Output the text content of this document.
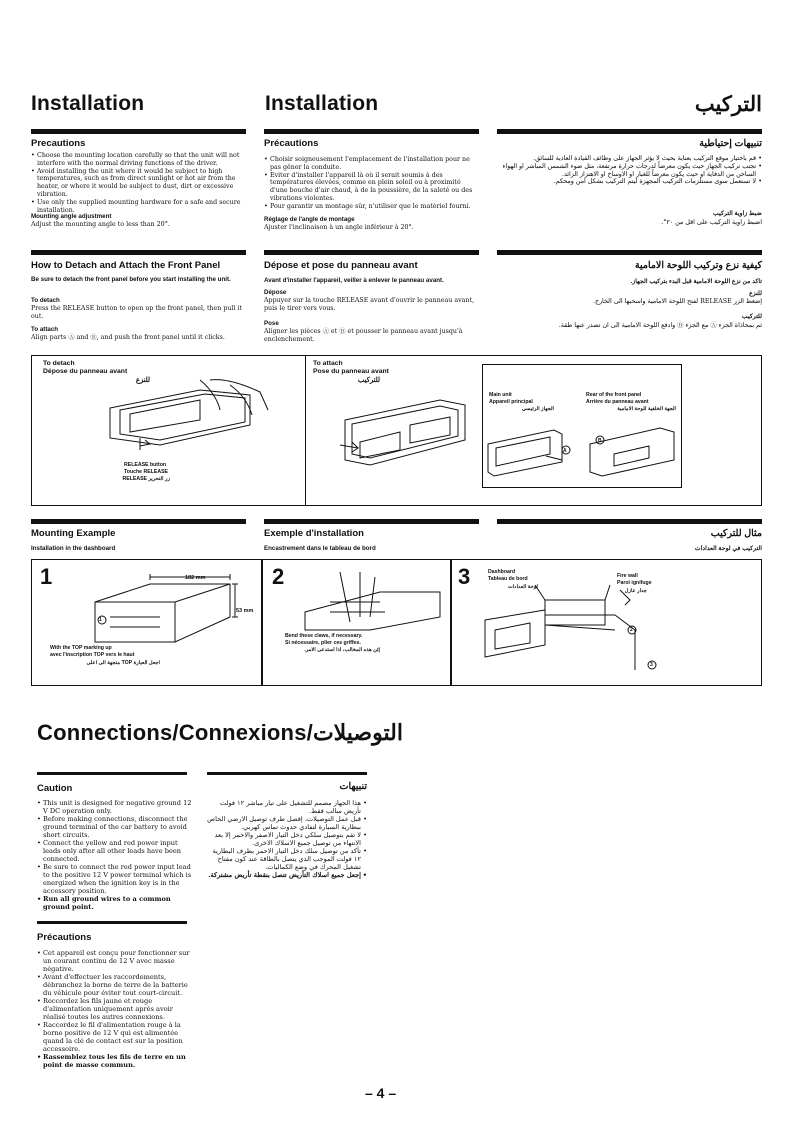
Installation	Installation	التركيب
Precautions	Précautions	تنبيهات إحتياطية
• Choose the mounting location carefully so that the unit will not interfere with the normal driving functions of the driver.
• Avoid installing the unit where it would be subject to high temperatures, such as from direct sunlight or hot air from the heater, or where it would be subject to dust, dirt or excessive vibration.
• Use only the supplied mounting hardware for a safe and secure installation.
• Choisir soigneusement l'emplacement de l'installation pour ne pas gêner la conduite.
• Eviter d'installer l'appareil là où il serait soumis à des températures élevées, comme en plein soleil ou à proximité d'une bouche d'air chaud, à de la poussière, de la saleté ou des vibrations violentes.
• Pour garantir un montage sûr, n'utiliser que le matériel fourni.
• قم باختيار موقع التركيب بعناية بحيث لا يؤثر الجهاز على وظائف القيادة العادية للسائق.
• تجنب تركيب الجهاز حيث يكون معرضاً لدرجات حرارة مرتفعة، مثل ضوء الشمس المباشر او الهواء الساخن من الدفاية او حيث يكون معرضاً للغبار او الاوساخ او الاهتزاز الزائد.
• لا تستعمل سوى مستلزمات التركيب المجهزة ليتم التركيب بشكل امن ومحكم.
Mounting angle adjustment
Adjust the mounting angle to less than 20°.
Réglage de l'angle de montage
Ajuster l'inclinaison à un angle inférieur à 20°.
ضبط زاوية التركيب
اضبط زاوية التركيب على اقل من ٢٠°.
How to Detach and Attach the Front Panel	Dépose et pose du panneau avant	كيفية نزع وتركيب اللوحة الامامية
Be sure to detach the front panel before you start installing the unit.
To detach
Press the RELEASE button to open up the front panel, then pull it out.
To attach
Align parts Ⓐ and Ⓑ, and push the front panel until it clicks.
Avant d'installer l'appareil, veiller à enlever le panneau avant.
Dépose
Appuyer sur la touche RELEASE avant d'ouvrir le panneau avant, puis le tirer vers vous.
Pose
Aligner les pièces Ⓐ et Ⓑ et pousser le panneau avant jusqu'à enclenchement.
تاكد من نزع اللوحة الامامية قبل البدء بتركيب الجهاز.
للنزع
إضغط الزر RELEASE لفتح اللوحة الامامية واسحبها الى الخارج.
للتركيب
ثم بمحاذاة الجزء Ⓐ مع الجزء Ⓑ وادفع اللوحة الامامية الى ان تصدر عنها طقة.
To detach
Dépose du panneau avant
للنزع
To attach
Pose du panneau avant
للتركيب
RELEASE button
Touche RELEASE
زر التحرير RELEASE
Main unit
Appareil principal
الجهاز الرئيسي
Rear of the front panel
Arrière du panneau avant
الجهة الخلفية للوحة الامامية
A
B
Mounting Example	Exemple d'installation	مثال للتركيب
Installation in the dashboard	Encastrement dans le tableau de bord	التركيب في لوحة العدادات
1	2	3
182 mm
53 mm
1
With the TOP marking up
avec l'inscription TOP vers le haut
اجعل العبارة TOP متجهة الى اعلى
Bend these claws, if necessary.
Si nécessaire, plier ces griffes.
إثن هذه المخالب، اذا استدعى الامر.
Dashboard
Tableau de bord
لوحة العدادات
Fire wall
Paroi ignifuge
جدار عازل
2
3
Connections/Connexions/التوصيلات
Caution
• This unit is designed for negative ground 12 V DC operation only.
• Before making connections, disconnect the ground terminal of the car battery to avoid short circuits.
• Connect the yellow and red power input leads only after all other leads have been connected.
• Be sure to connect the red power input lead to the positive 12 V power terminal which is energized when the ignition key is in the accessory position.
• Run all ground wires to a common ground point.
تنبيهات
• هذا الجهاز مصمم للتشغيل على تيار مباشر ١٢ فولت تأريض سالب فقط.
• قبل عمل التوصيلات، إفصل طرف توصيل الارضي الخاص ببطارية السيارة لتفادي حدوث تماس كهربي.
• لا تقم بتوصيل سلكي دخل التيار الاصفر والاحمر إلا بعد الانتهاء من توصيل جميع الاسلاك الاخرى.
• تأكد من توصيل سلك دخل التيار الاحمر بطرف البطارية ١٢ فولت الموجب الذي يتصل بالطاقة عند كون مفتاح تشغيل المحرك في وضع الكماليات.
• إجعل جميع اسلاك التأريض تتصل بنقطة تأريض مشتركة.
Précautions
• Cet appareil est conçu pour fonctionner sur un courant continu de 12 V avec masse négative.
• Avant d'effectuer les raccordements, débranchez la borne de terre de la batterie du véhicule pour éviter tout court-circuit.
• Reccordez les fils jaune et rouge d'alimentation uniquement après avoir réalisé toutes les autres connexions.
• Raccordez le fil d'alimentation rouge à la borne positive de 12 V qui est alimentée quand la clé de contact est sur la position accessoire.
• Rassemblez tous les fils de terre en un point de masse commun.
– 4 –
